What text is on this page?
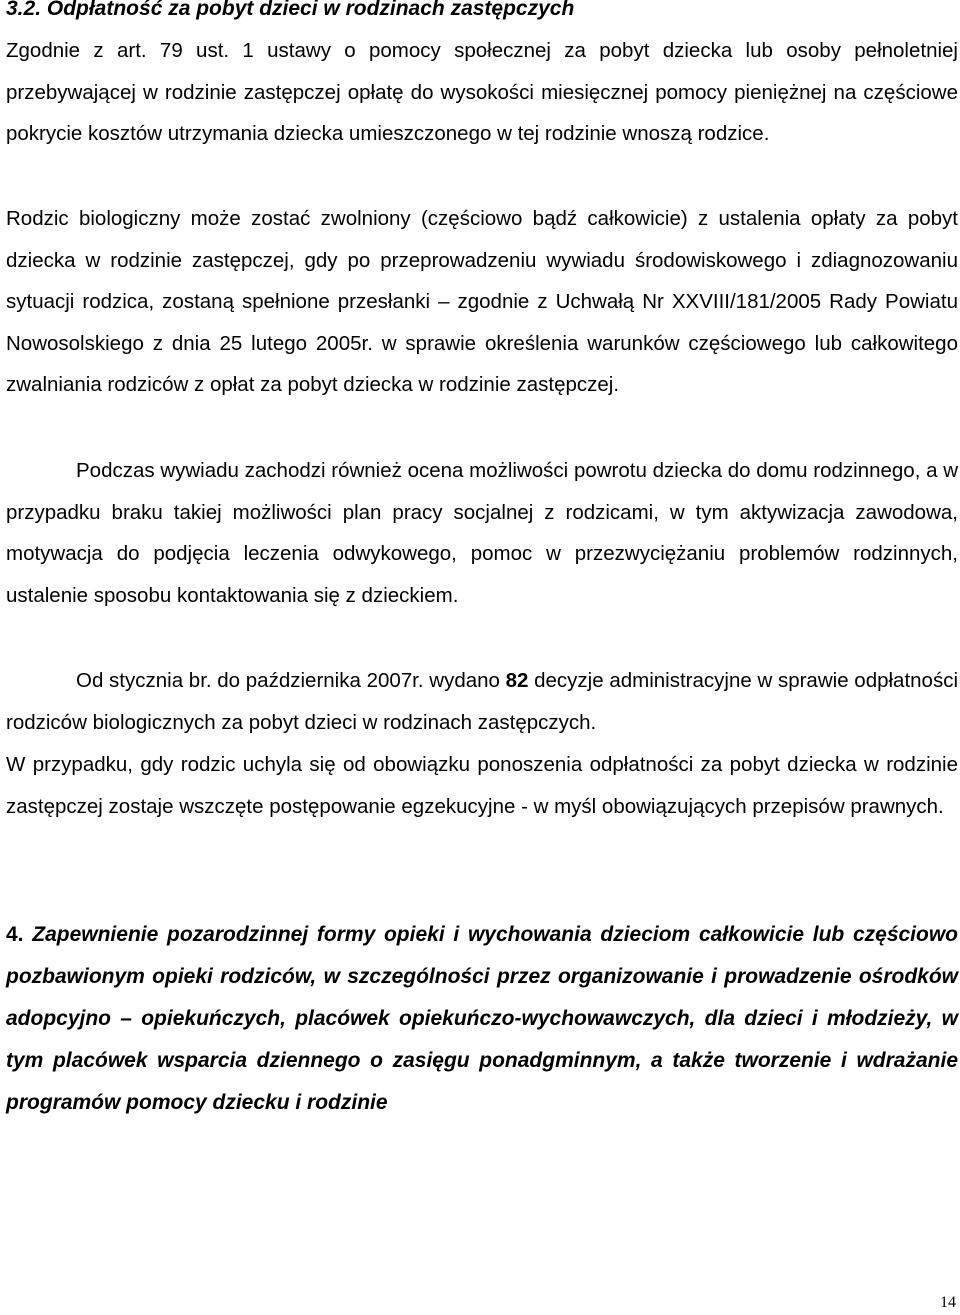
3.2. Odpłatność za pobyt dzieci w rodzinach zastępczych
Zgodnie z art. 79 ust. 1 ustawy o pomocy społecznej za pobyt dziecka lub osoby pełnoletniej przebywającej w rodzinie zastępczej opłatę do wysokości miesięcznej pomocy pieniężnej na częściowe pokrycie kosztów utrzymania dziecka umieszczonego w tej rodzinie wnoszą rodzice.
Rodzic biologiczny może zostać zwolniony (częściowo bądź całkowicie) z ustalenia opłaty za pobyt dziecka w rodzinie zastępczej, gdy po przeprowadzeniu wywiadu środowiskowego i zdiagnozowaniu sytuacji rodzica, zostaną spełnione przesłanki – zgodnie z Uchwałą Nr XXVIII/181/2005 Rady Powiatu Nowosolskiego z dnia 25 lutego 2005r. w sprawie określenia warunków częściowego lub całkowitego zwalniania rodziców z opłat za pobyt dziecka w rodzinie zastępczej.
Podczas wywiadu zachodzi również ocena możliwości powrotu dziecka do domu rodzinnego, a w przypadku braku takiej możliwości plan pracy socjalnej z rodzicami, w tym aktywizacja zawodowa, motywacja do podjęcia leczenia odwykowego, pomoc w przezwyciężaniu problemów rodzinnych, ustalenie sposobu kontaktowania się z dzieckiem.
Od stycznia br. do października 2007r. wydano 82 decyzje administracyjne w sprawie odpłatności rodziców biologicznych za pobyt dzieci w rodzinach zastępczych.
W przypadku, gdy rodzic uchyla się od obowiązku ponoszenia odpłatności za pobyt dziecka w rodzinie zastępczej zostaje wszczęte postępowanie egzekucyjne - w myśl obowiązujących przepisów prawnych.
4. Zapewnienie pozarodzinnej formy opieki i wychowania dzieciom całkowicie lub częściowo pozbawionym opieki rodziców, w szczególności przez organizowanie i prowadzenie ośrodków adopcyjno – opiekuńczych, placówek opiekuńczo-wychowawczych, dla dzieci i młodzieży, w tym placówek wsparcia dziennego o zasięgu ponadgminnym, a także tworzenie i wdrażanie programów pomocy dziecku i rodzinie
14
